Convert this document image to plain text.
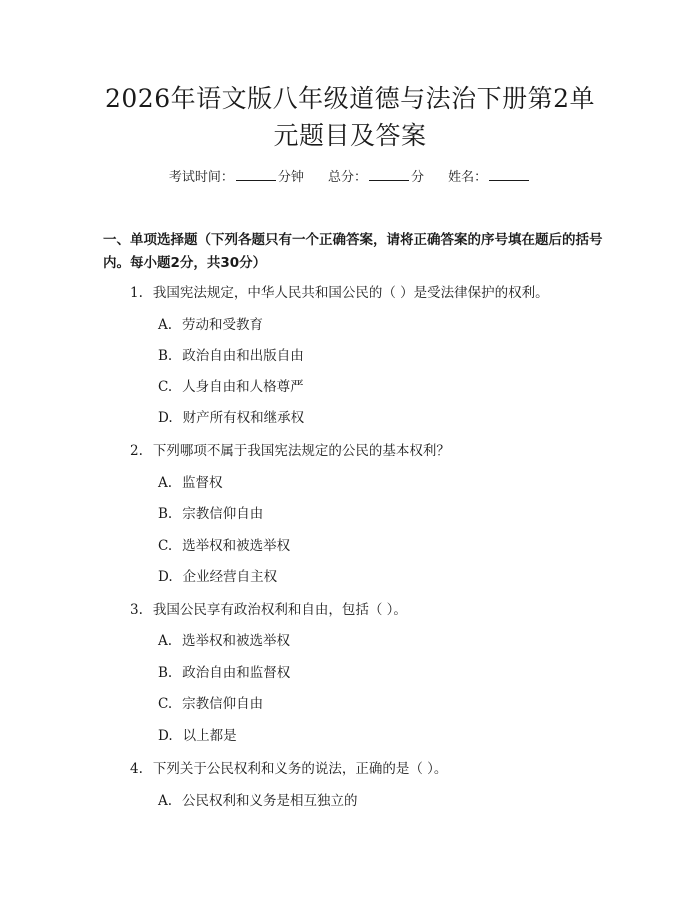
2026年语文版八年级道德与法治下册第2单
元题目及答案
考试时间：	分钟 总分：	分 姓名：
一、单项选择题（下列各题只有一个正确答案，请将正确答案的序号填在题后的括号内。每小题2分，共30分）
1. 我国宪法规定，中华人民共和国公民的（ ）是受法律保护的权利。
A. 劳动和受教育
B. 政治自由和出版自由
C. 人身自由和人格尊严
D. 财产所有权和继承权
2. 下列哪项不属于我国宪法规定的公民的基本权利？
A. 监督权
B. 宗教信仰自由
C. 选举权和被选举权
D. 企业经营自主权
3. 我国公民享有政治权利和自由，包括（ ）。
A. 选举权和被选举权
B. 政治自由和监督权
C. 宗教信仰自由
D. 以上都是
4. 下列关于公民权利和义务的说法，正确的是（ ）。
A. 公民权利和义务是相互独立的
